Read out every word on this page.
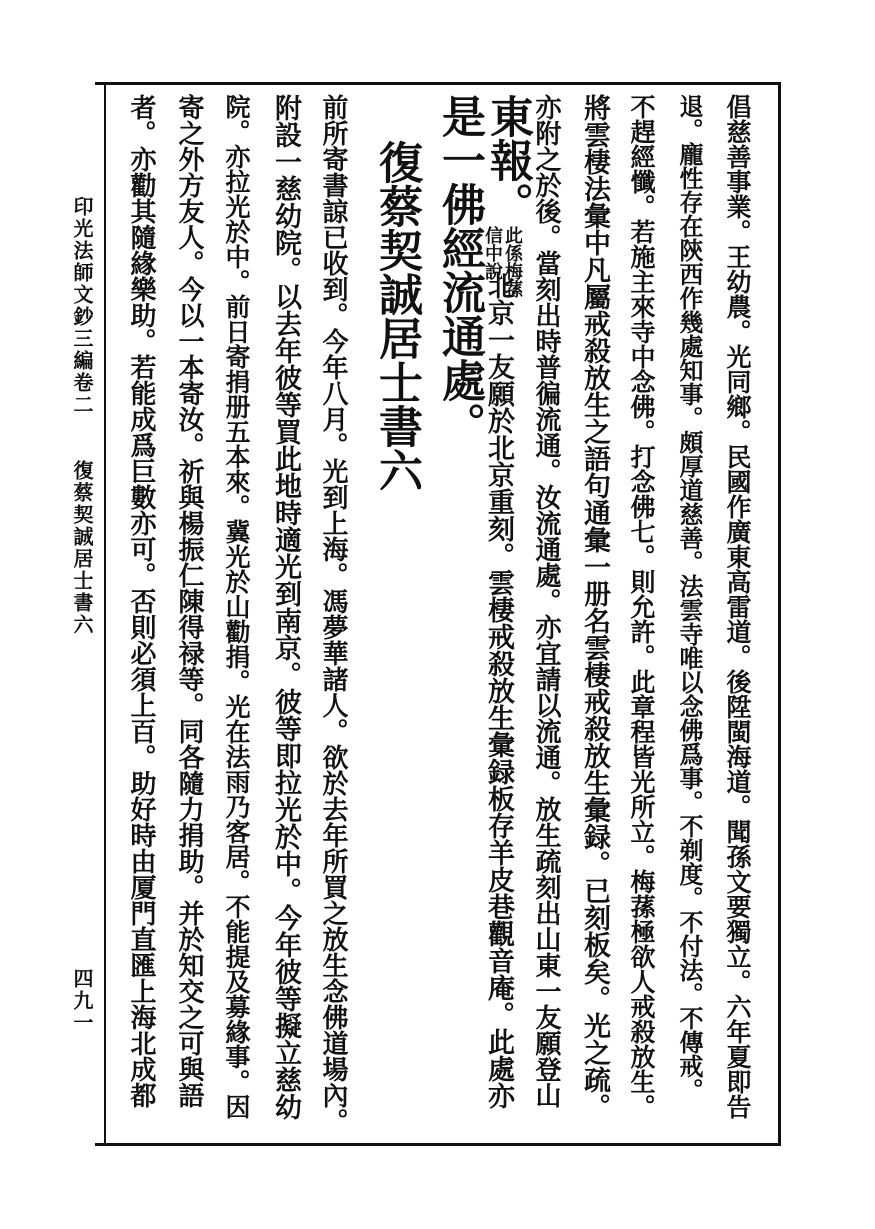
印光法師文鈔三編卷二
復蔡契誠居士書六
四九一	倡慈善事業。王幼農。光同鄉。民國作廣東高雷道。後陞閩海道。聞孫文要獨立。六年夏即告
退。龐性存在陝西作幾處知事。頗厚道慈善。法雲寺唯以念佛爲事。不剃度。不付法。不傳戒。
不趕經懺。若施主來寺中念佛。打念佛七。則允許。此章程皆光所立。梅蓀極欲人戒殺放生。
將雲棲法彙中凡屬戒殺放生之語句通彙一册名雲棲戒殺放生彙録。已刻板矣。光之疏。
亦附之於後。當刻出時普徧流通。汝流通處。亦宜請以流通。放生疏刻出山東一友願登山
東報。
此係梅蓀
信中說
北京一友願於北京重刻。雲棲戒殺放生彙録板存羊皮巷觀音庵。此處亦
是一佛經流通處。
復蔡契誠居士書六
前所寄書諒已收到。今年八月。光到上海。馮夢華諸人。欲於去年所買之放生念佛道場內。
附設一慈幼院。以去年彼等買此地時適光到南京。彼等即拉光於中。今年彼等擬立慈幼
院。亦拉光於中。前日寄捐册五本來。冀光於山勸捐。光在法雨乃客居。不能提及募緣事。因
寄之外方友人。今以一本寄汝。祈與楊振仁陳得禄等。同各隨力捐助。并於知交之可與語
者。亦勸其隨緣樂助。若能成爲巨數亦可。否則必須上百。助好時由厦門直匯上海北成都
